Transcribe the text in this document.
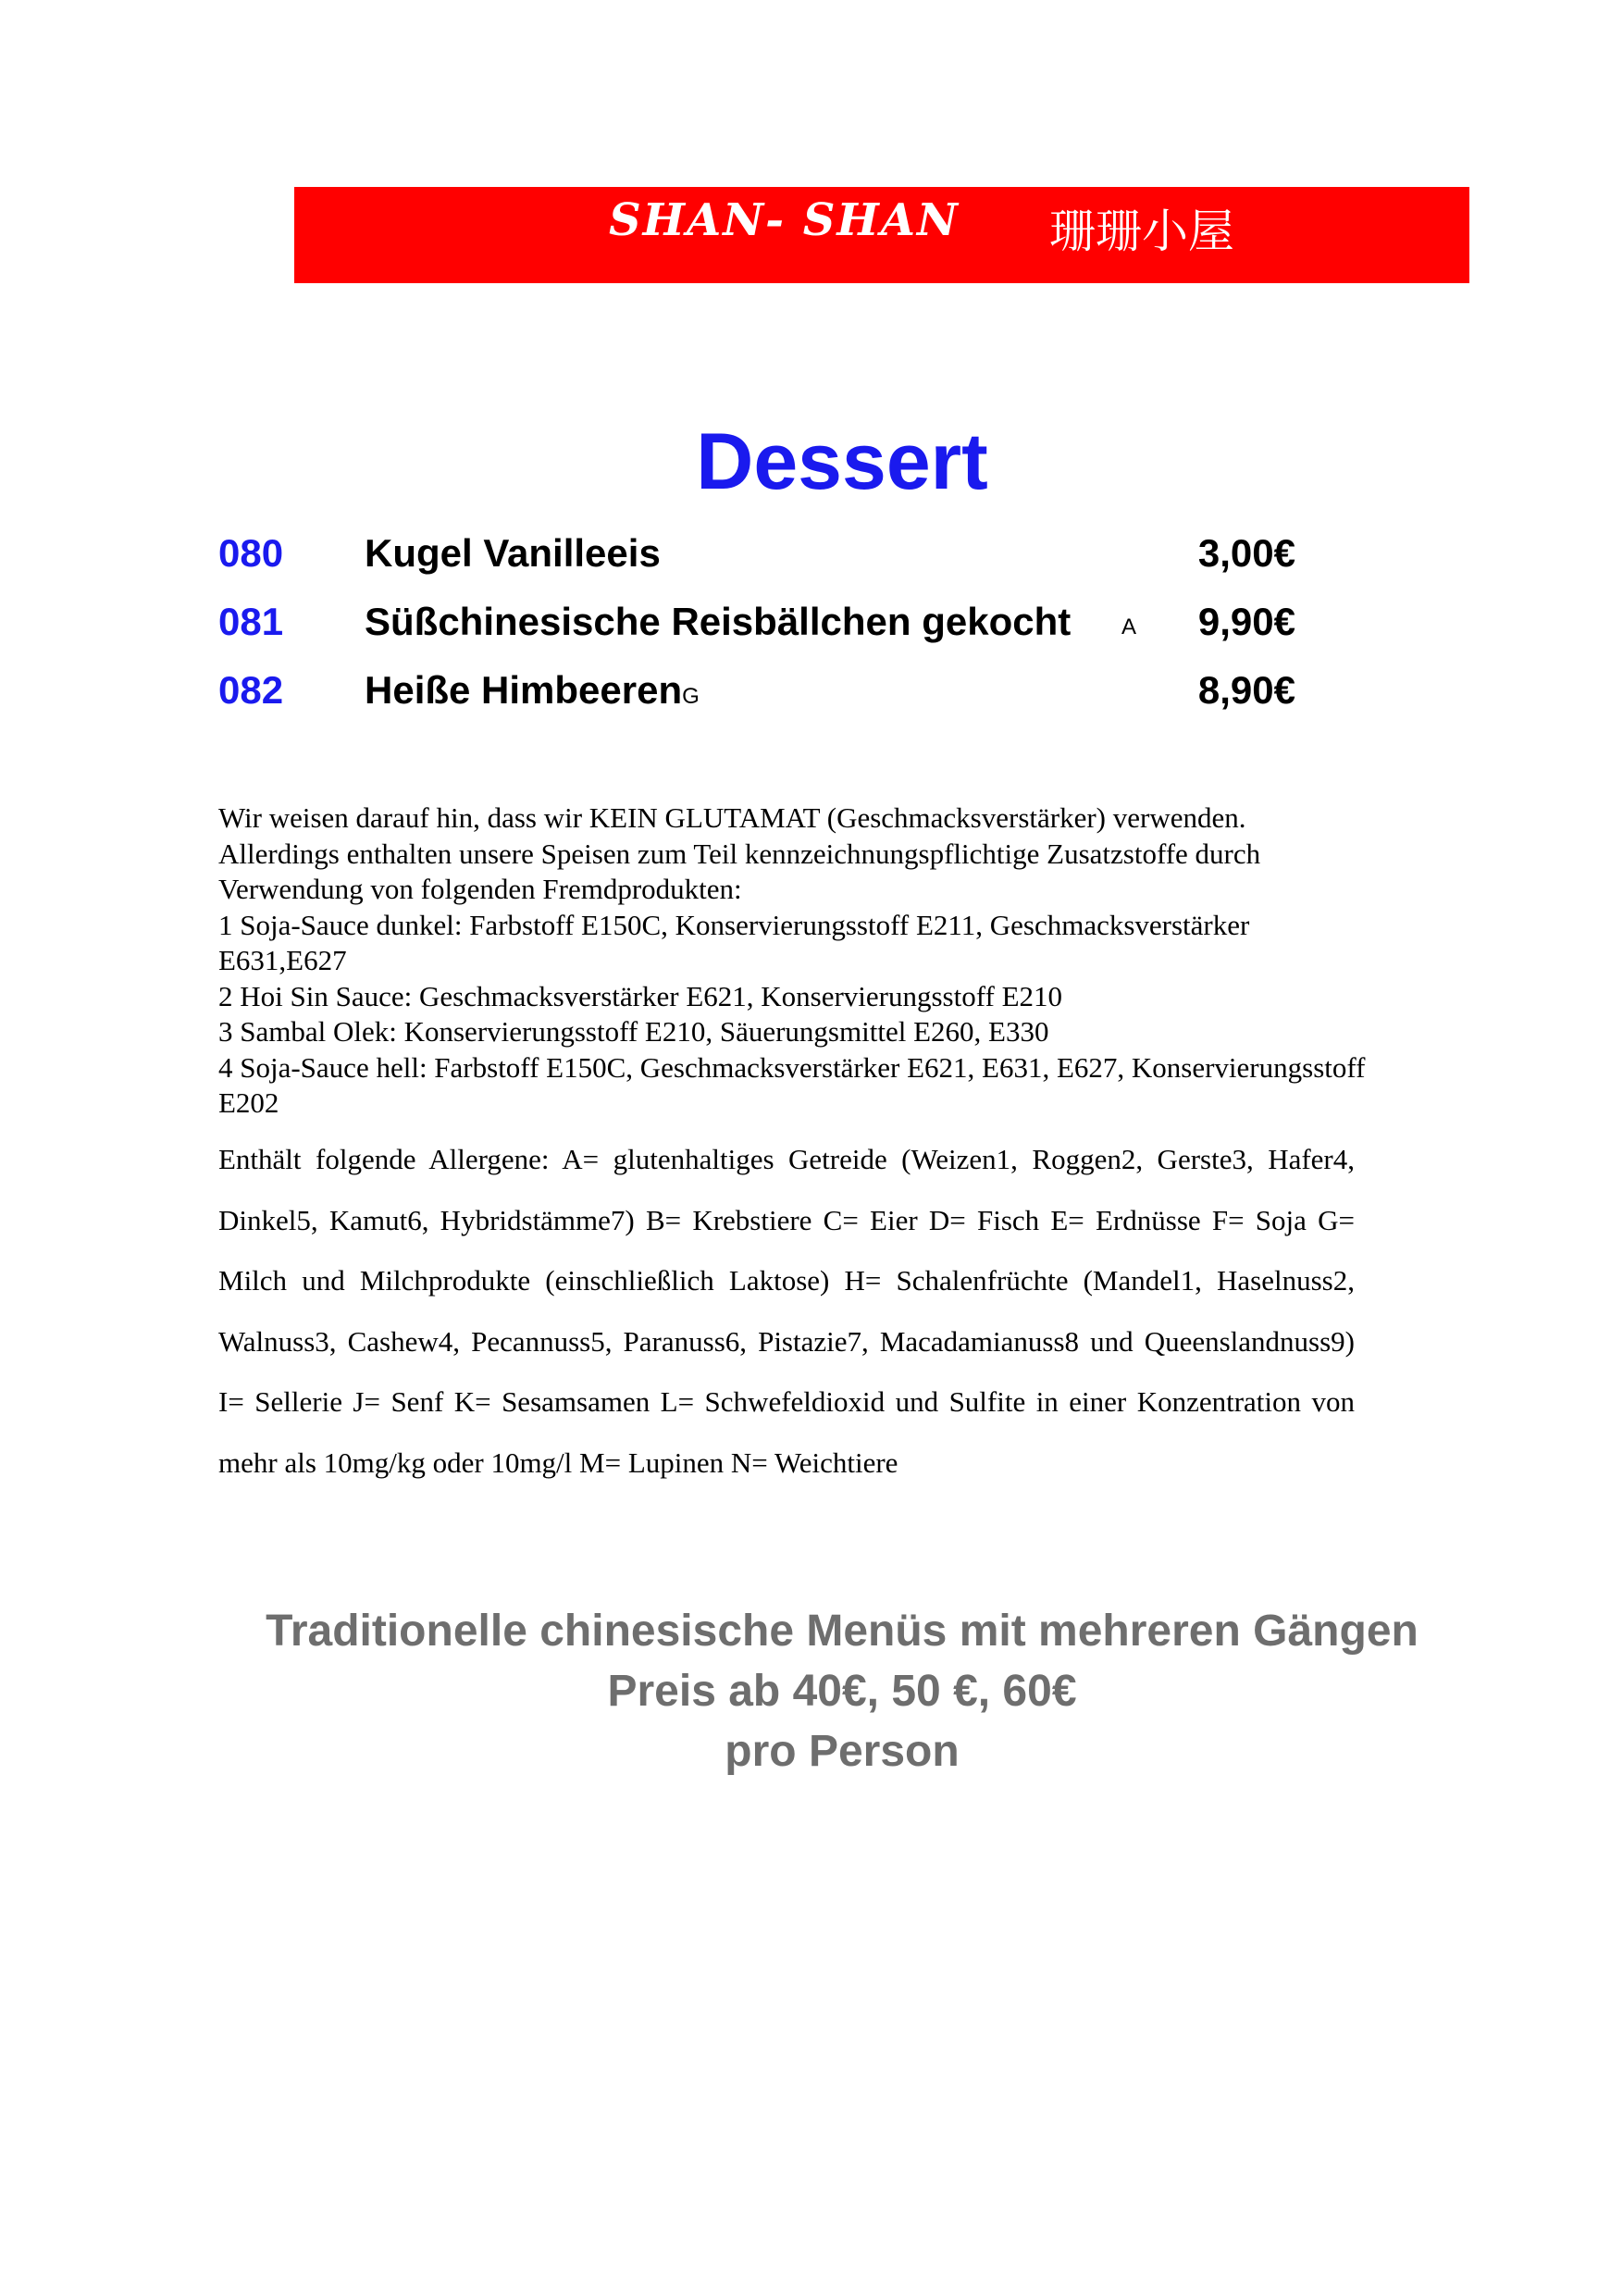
SHAN- SHAN 珊珊小屋
Dessert
080 Kugel Vanilleeis	3,00€
081 Süßchinesische Reisbällchen gekocht A 9,90€
082 Heiße HimbeerenG	8,90€
Wir weisen darauf hin, dass wir KEIN GLUTAMAT (Geschmacksverstärker) verwenden.
Allerdings enthalten unsere Speisen zum Teil kennzeichnungspflichtige Zusatzstoffe durch
Verwendung von folgenden Fremdprodukten:
1 Soja-Sauce dunkel: Farbstoff E150C, Konservierungsstoff E211, Geschmacksverstärker
E631,E627
2 Hoi Sin Sauce: Geschmacksverstärker E621, Konservierungsstoff E210
3 Sambal Olek: Konservierungsstoff E210, Säuerungsmittel E260, E330
4 Soja-Sauce hell: Farbstoff E150C, Geschmacksverstärker E621, E631, E627, Konservierungsstoff
E202
Enthält folgende Allergene: A= glutenhaltiges Getreide (Weizen1, Roggen2, Gerste3, Hafer4, Dinkel5, Kamut6, Hybridstämme7) B= Krebstiere C= Eier D= Fisch E= Erdnüsse F= Soja G= Milch und Milchprodukte (einschließlich Laktose) H= Schalenfrüchte (Mandel1, Haselnuss2, Walnuss3, Cashew4, Pecannuss5, Paranuss6, Pistazie7, Macadamianuss8 und Queenslandnuss9) I= Sellerie J= Senf K= Sesamsamen L= Schwefeldioxid und Sulfite in einer Konzentration von mehr als 10mg/kg oder 10mg/l M= Lupinen N= Weichtiere
Traditionelle chinesische Menüs mit mehreren Gängen
Preis ab 40€, 50 €, 60€
pro Person
